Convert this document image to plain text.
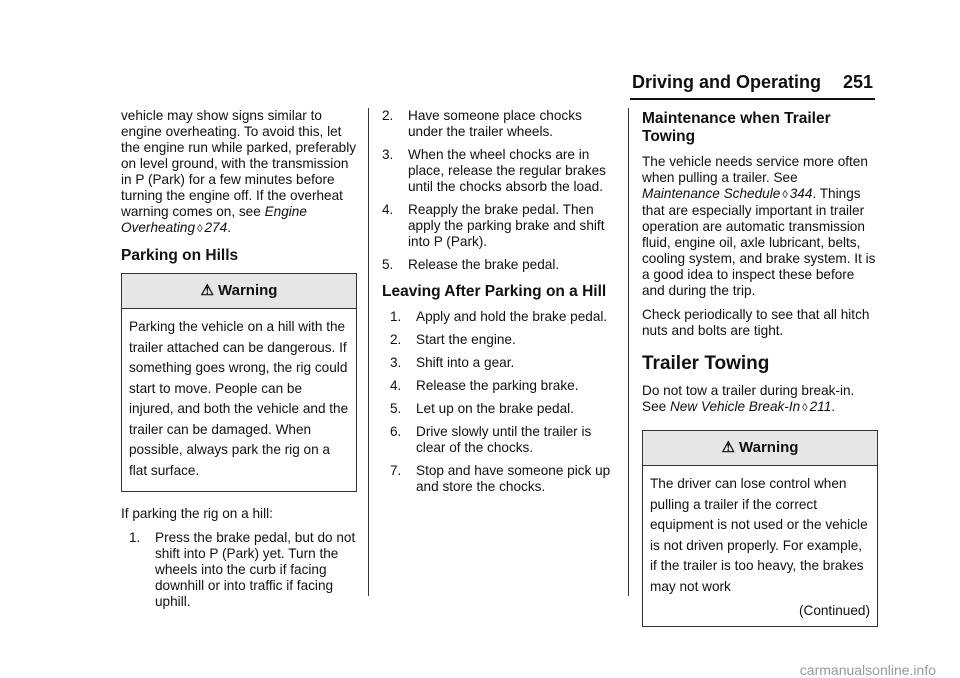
Driving and Operating 251

vehicle may show signs similar to engine overheating. To avoid this, let the engine run while parked, preferably on level ground, with the transmission in P (Park) for a few minutes before turning the engine off. If the overheat warning comes on, see Engine Overheating ◊ 274.

Parking on Hills
⚠ Warning
Parking the vehicle on a hill with the trailer attached can be dangerous. If something goes wrong, the rig could start to move. People can be injured, and both the vehicle and the trailer can be damaged. When possible, always park the rig on a flat surface.

If parking the rig on a hill:

1.	Press the brake pedal, but do not shift into P (Park) yet. Turn the wheels into the curb if facing downhill or into traffic if facing uphill.
2.	Have someone place chocks under the trailer wheels.
3.	When the wheel chocks are in place, release the regular brakes until the chocks absorb the load.
4.	Reapply the brake pedal. Then apply the parking brake and shift into P (Park).
5.	Release the brake pedal.
Leaving After Parking on a Hill
1.	Apply and hold the brake pedal.
2.	Start the engine.
3.	Shift into a gear.
4.	Release the parking brake.
5.	Let up on the brake pedal.
6.	Drive slowly until the trailer is clear of the chocks.
7.	Stop and have someone pick up and store the chocks.
Maintenance when Trailer Towing

The vehicle needs service more often when pulling a trailer. See Maintenance Schedule ◊ 344. Things that are especially important in trailer operation are automatic transmission fluid, engine oil, axle lubricant, belts, cooling system, and brake system. It is a good idea to inspect these before and during the trip.

Check periodically to see that all hitch nuts and bolts are tight.

Trailer Towing

Do not tow a trailer during break-in. See New Vehicle Break-In ◊ 211.

⚠ Warning
The driver can lose control when pulling a trailer if the correct equipment is not used or the vehicle is not driven properly. For example, if the trailer is too heavy, the brakes may not work
(Continued)
carmanualsonline.info
